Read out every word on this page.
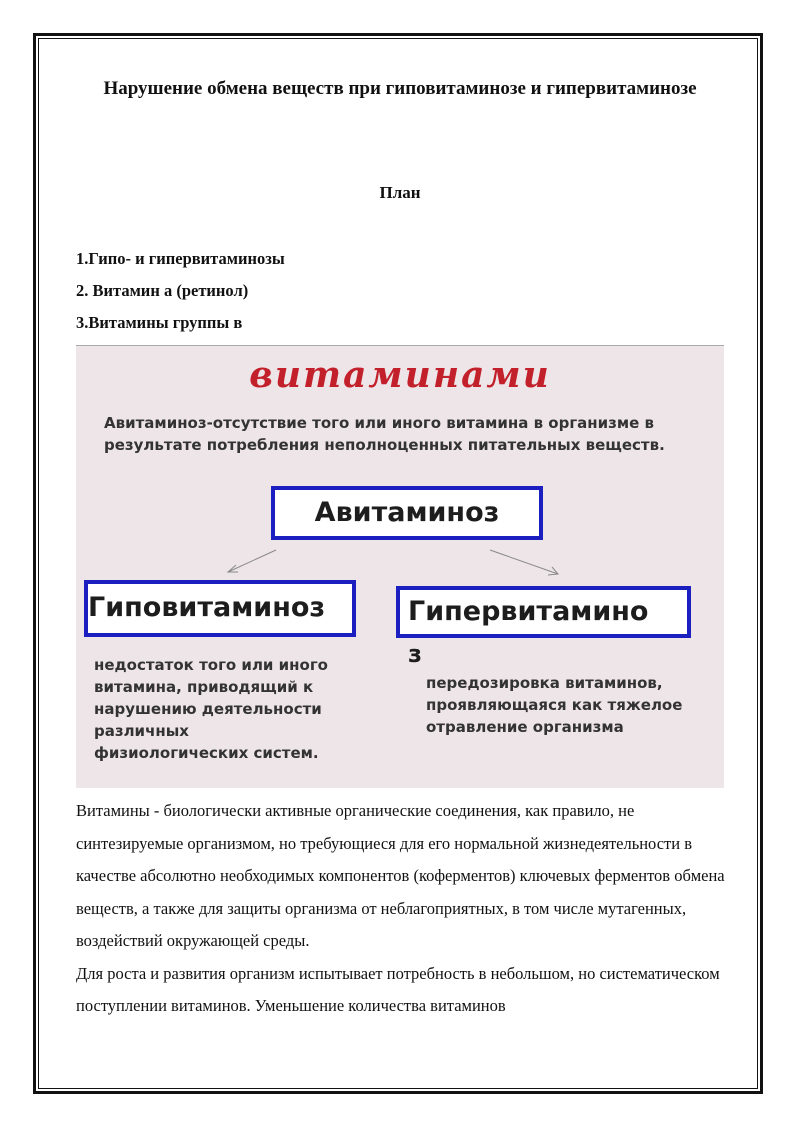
Нарушение обмена веществ при гиповитаминозе и гипервитаминозе
План
1.Гипо- и гипервитаминозы
2. Витамин а (ретинол)
3.Витамины группы в
витаминами
Авитаминоз-отсутствие того или иного витамина в организме в результате потребления неполноценных питательных веществ.
Авитаминоз
Гиповитаминоз	Гипервитамино
з
недостаток того или иного витамина, приводящий к нарушению деятельности различных физиологических систем.
передозировка витаминов, проявляющаяся как тяжелое отравление организма

Витамины - биологически активные органические соединения, как правило, не синтезируемые организмом, но требующиеся для его нормальной жизнедеятельности в качестве абсолютно необходимых компонентов (коферментов) ключевых ферментов обмена веществ, а также для защиты организма от неблагоприятных, в том числе мутагенных, воздействий окружающей среды.

Для роста и развития организм испытывает потребность в небольшом, но систематическом поступлении витаминов. Уменьшение количества витаминов
